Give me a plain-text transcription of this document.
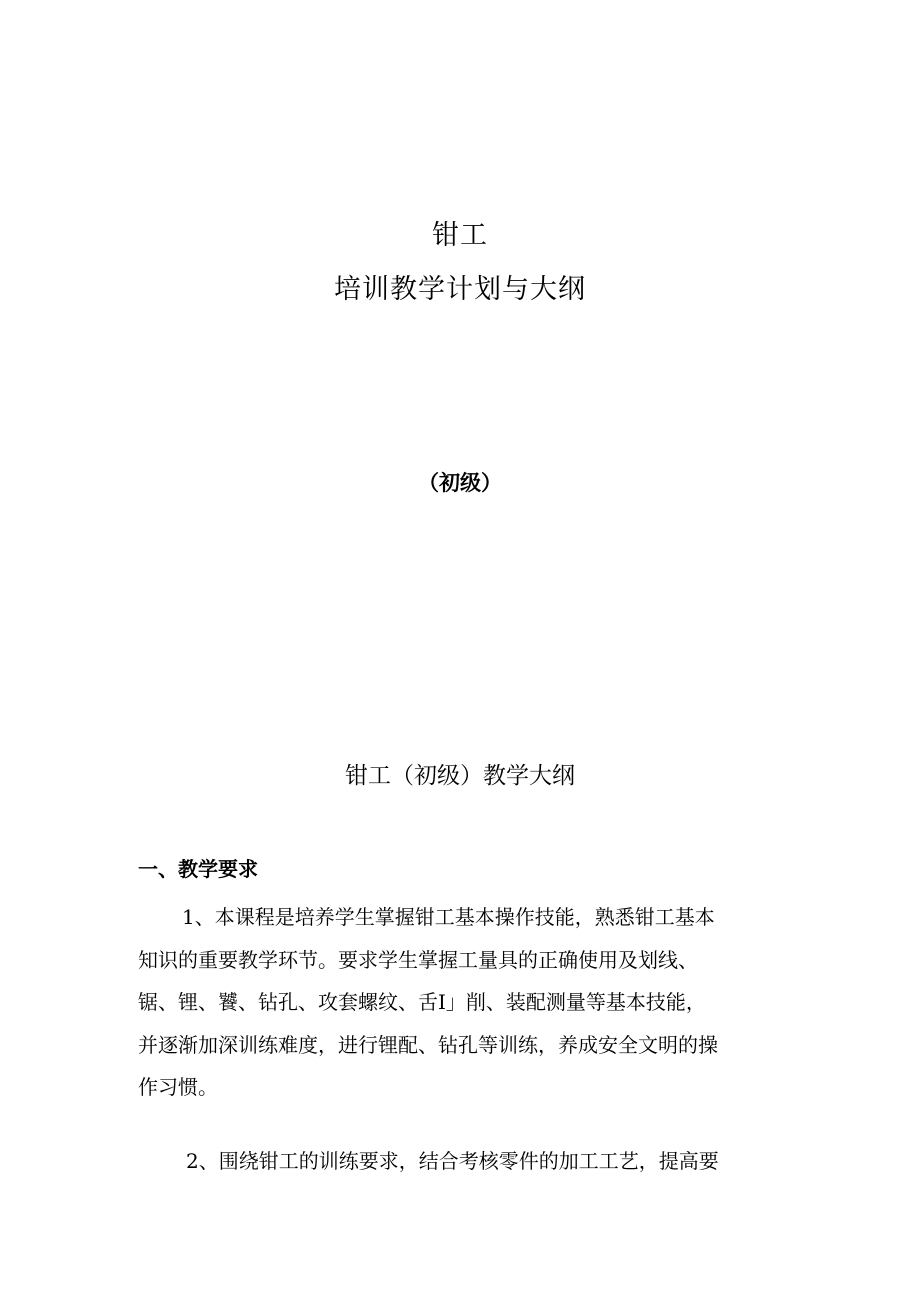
钳工
培训教学计划与大纲
（初级）
钳工（初级）教学大纲
一、教学要求
1、本课程是培养学生掌握钳工基本操作技能，熟悉钳工基本
知识的重要教学环节。要求学生掌握工量具的正确使用及划线、
锯、锂、饕、钻孔、攻套螺纹、舌I」削、装配测量等基本技能，
并逐渐加深训练难度，进行锂配、钻孔等训练，养成安全文明的操
作习惯。
2、围绕钳工的训练要求，结合考核零件的加工工艺，提高要
